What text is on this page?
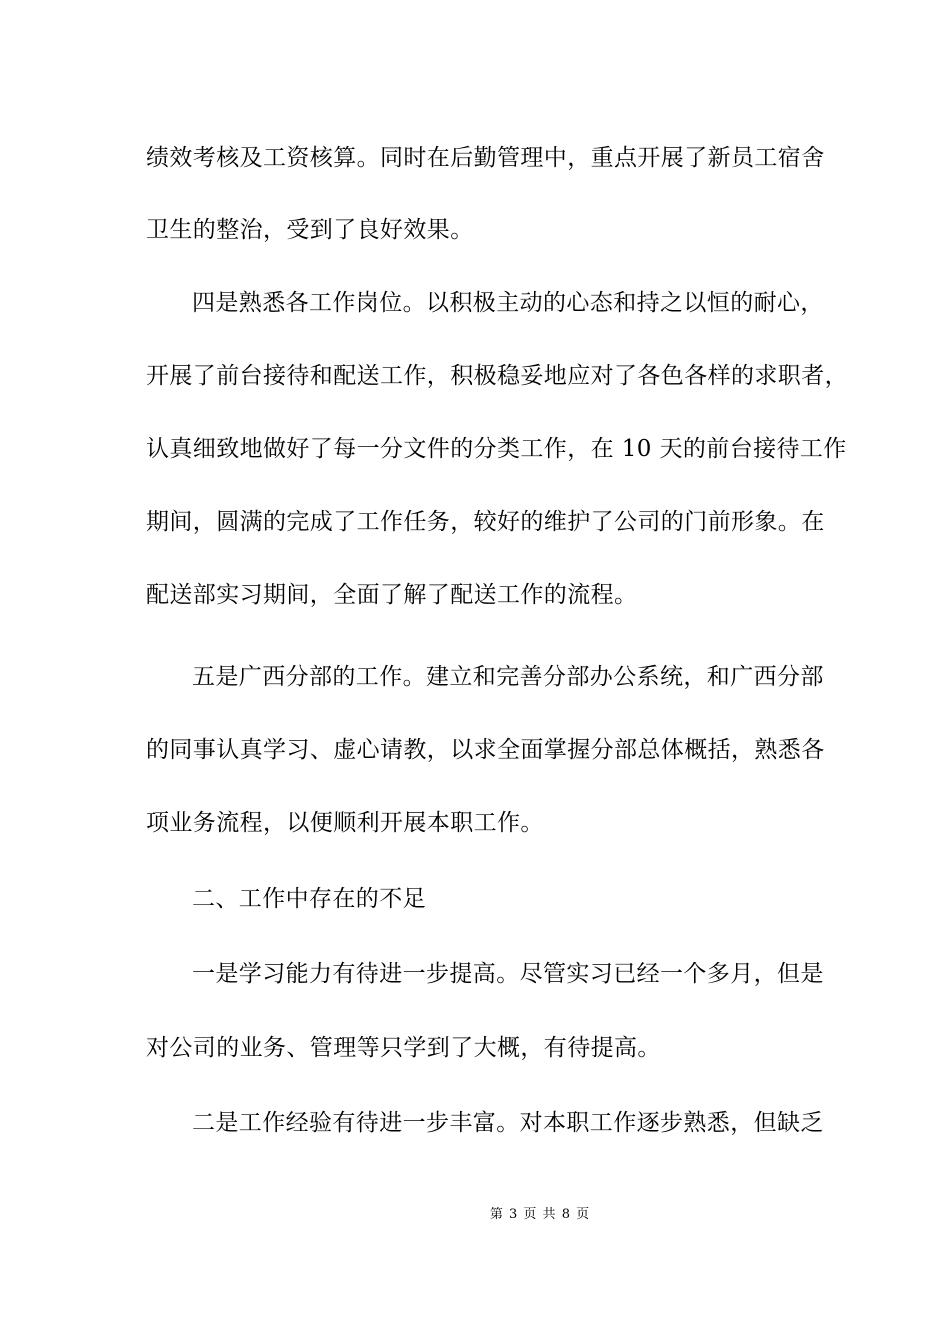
绩效考核及工资核算。同时在后勤管理中，重点开展了新员工宿舍
卫生的整治，受到了良好效果。
四是熟悉各工作岗位。以积极主动的心态和持之以恒的耐心，
开展了前台接待和配送工作，积极稳妥地应对了各色各样的求职者，
认真细致地做好了每一分文件的分类工作，在 10 天的前台接待工作
期间，圆满的完成了工作任务，较好的维护了公司的门前形象。在
配送部实习期间，全面了解了配送工作的流程。
五是广西分部的工作。建立和完善分部办公系统，和广西分部
的同事认真学习、虚心请教，以求全面掌握分部总体概括，熟悉各
项业务流程，以便顺利开展本职工作。
二、工作中存在的不足
一是学习能力有待进一步提高。尽管实习已经一个多月，但是
对公司的业务、管理等只学到了大概，有待提高。
二是工作经验有待进一步丰富。对本职工作逐步熟悉，但缺乏
第 3 页 共 8 页
